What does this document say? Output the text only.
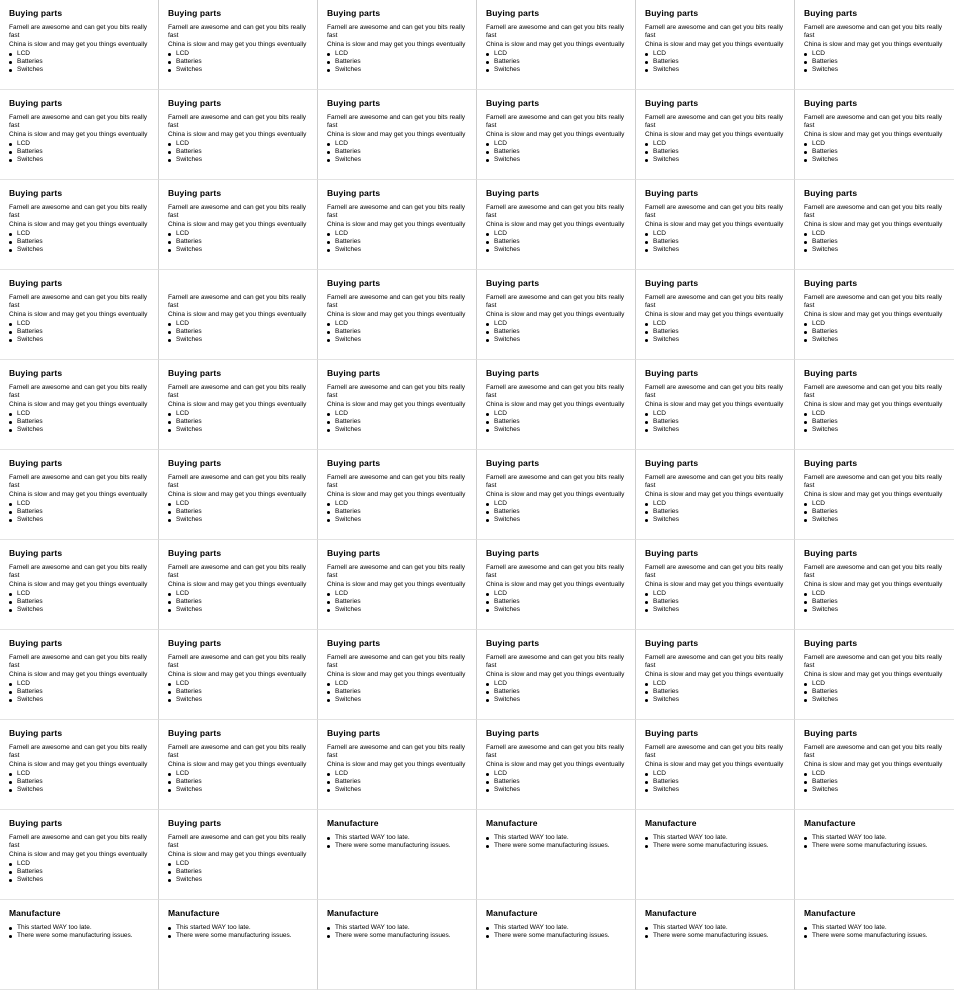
Buying parts
Farnell are awesome and can get you bits really fast
China is slow and may get you things eventually
LCD
Batteries
Switches
Buying parts
Farnell are awesome and can get you bits really fast
China is slow and may get you things eventually
LCD
Batteries
Switches
Buying parts
Farnell are awesome and can get you bits really fast
China is slow and may get you things eventually
LCD
Batteries
Switches
Buying parts
Farnell are awesome and can get you bits really fast
China is slow and may get you things eventually
LCD
Batteries
Switches
Buying parts
Farnell are awesome and can get you bits really fast
China is slow and may get you things eventually
LCD
Batteries
Switches
Buying parts
Farnell are awesome and can get you bits really fast
China is slow and may get you things eventually
LCD
Batteries
Switches
Buying parts
Farnell are awesome and can get you bits really fast
China is slow and may get you things eventually
LCD
Batteries
Switches
Buying parts
Farnell are awesome and can get you bits really fast
China is slow and may get you things eventually
LCD
Batteries
Switches
Buying parts
Farnell are awesome and can get you bits really fast
China is slow and may get you things eventually
LCD
Batteries
Switches
Buying parts
Farnell are awesome and can get you bits really fast
China is slow and may get you things eventually
LCD
Batteries
Switches
Buying parts
Farnell are awesome and can get you bits really fast
China is slow and may get you things eventually
LCD
Batteries
Switches
Buying parts
Farnell are awesome and can get you bits really fast
China is slow and may get you things eventually
LCD
Batteries
Switches
Buying parts
Farnell are awesome and can get you bits really fast
China is slow and may get you things eventually
LCD
Batteries
Switches
Buying parts
Farnell are awesome and can get you bits really fast
China is slow and may get you things eventually
LCD
Batteries
Switches
Buying parts
Farnell are awesome and can get you bits really fast
China is slow and may get you things eventually
LCD
Batteries
Switches
Buying parts
Farnell are awesome and can get you bits really fast
China is slow and may get you things eventually
LCD
Batteries
Switches
Buying parts
Farnell are awesome and can get you bits really fast
China is slow and may get you things eventually
LCD
Batteries
Switches
Buying parts
Farnell are awesome and can get you bits really fast
China is slow and may get you things eventually
LCD
Batteries
Switches
Buying parts
Farnell are awesome and can get you bits really fast
China is slow and may get you things eventually
LCD
Batteries
Switches
Farnell are awesome and can get you bits really fast
China is slow and may get you things eventually
LCD
Batteries
Switches
Buying parts
Farnell are awesome and can get you bits really fast
China is slow and may get you things eventually
LCD
Batteries
Switches
Buying parts
Farnell are awesome and can get you bits really fast
China is slow and may get you things eventually
LCD
Batteries
Switches
Buying parts
Farnell are awesome and can get you bits really fast
China is slow and may get you things eventually
LCD
Batteries
Switches
Buying parts
Farnell are awesome and can get you bits really fast
China is slow and may get you things eventually
LCD
Batteries
Switches
Buying parts
Farnell are awesome and can get you bits really fast
China is slow and may get you things eventually
LCD
Batteries
Switches
Buying parts
Farnell are awesome and can get you bits really fast
China is slow and may get you things eventually
LCD
Batteries
Switches
Buying parts
Farnell are awesome and can get you bits really fast
China is slow and may get you things eventually
LCD
Batteries
Switches
Buying parts
Farnell are awesome and can get you bits really fast
China is slow and may get you things eventually
LCD
Batteries
Switches
Buying parts
Farnell are awesome and can get you bits really fast
China is slow and may get you things eventually
LCD
Batteries
Switches
Buying parts
Farnell are awesome and can get you bits really fast
China is slow and may get you things eventually
LCD
Batteries
Switches
Buying parts
Farnell are awesome and can get you bits really fast
China is slow and may get you things eventually
LCD
Batteries
Switches
Buying parts
Farnell are awesome and can get you bits really fast
China is slow and may get you things eventually
LCD
Batteries
Switches
Buying parts
Farnell are awesome and can get you bits really fast
China is slow and may get you things eventually
LCD
Batteries
Switches
Buying parts
Farnell are awesome and can get you bits really fast
China is slow and may get you things eventually
LCD
Batteries
Switches
Buying parts
Farnell are awesome and can get you bits really fast
China is slow and may get you things eventually
LCD
Batteries
Switches
Buying parts
Farnell are awesome and can get you bits really fast
China is slow and may get you things eventually
LCD
Batteries
Switches
Buying parts
Farnell are awesome and can get you bits really fast
China is slow and may get you things eventually
LCD
Batteries
Switches
Buying parts
Farnell are awesome and can get you bits really fast
China is slow and may get you things eventually
LCD
Batteries
Switches
Buying parts
Farnell are awesome and can get you bits really fast
China is slow and may get you things eventually
LCD
Batteries
Switches
Buying parts
Farnell are awesome and can get you bits really fast
China is slow and may get you things eventually
LCD
Batteries
Switches
Buying parts
Farnell are awesome and can get you bits really fast
China is slow and may get you things eventually
LCD
Batteries
Switches
Buying parts
Farnell are awesome and can get you bits really fast
China is slow and may get you things eventually
LCD
Batteries
Switches
Buying parts
Farnell are awesome and can get you bits really fast
China is slow and may get you things eventually
LCD
Batteries
Switches
Buying parts
Farnell are awesome and can get you bits really fast
China is slow and may get you things eventually
LCD
Batteries
Switches
Buying parts
Farnell are awesome and can get you bits really fast
China is slow and may get you things eventually
LCD
Batteries
Switches
Buying parts
Farnell are awesome and can get you bits really fast
China is slow and may get you things eventually
LCD
Batteries
Switches
Buying parts
Farnell are awesome and can get you bits really fast
China is slow and may get you things eventually
LCD
Batteries
Switches
Buying parts
Farnell are awesome and can get you bits really fast
China is slow and may get you things eventually
LCD
Batteries
Switches
Buying parts
Farnell are awesome and can get you bits really fast
China is slow and may get you things eventually
LCD
Batteries
Switches
Buying parts
Farnell are awesome and can get you bits really fast
China is slow and may get you things eventually
LCD
Batteries
Switches
Buying parts
Farnell are awesome and can get you bits really fast
China is slow and may get you things eventually
LCD
Batteries
Switches
Buying parts
Farnell are awesome and can get you bits really fast
China is slow and may get you things eventually
LCD
Batteries
Switches
Buying parts
Farnell are awesome and can get you bits really fast
China is slow and may get you things eventually
LCD
Batteries
Switches
Buying parts
Farnell are awesome and can get you bits really fast
China is slow and may get you things eventually
LCD
Batteries
Switches
Buying parts
Farnell are awesome and can get you bits really fast
China is slow and may get you things eventually
LCD
Batteries
Switches
Buying parts
Farnell are awesome and can get you bits really fast
China is slow and may get you things eventually
LCD
Batteries
Switches
Manufacture
This started WAY too late.
There were some manufacturing issues.
Manufacture
This started WAY too late.
There were some manufacturing issues.
Manufacture
This started WAY too late.
There were some manufacturing issues.
Manufacture
This started WAY too late.
There were some manufacturing issues.
Manufacture
This started WAY too late.
There were some manufacturing issues.
Manufacture
This started WAY too late.
There were some manufacturing issues.
Manufacture
This started WAY too late.
There were some manufacturing issues.
Manufacture
This started WAY too late.
There were some manufacturing issues.
Manufacture
This started WAY too late.
There were some manufacturing issues.
Manufacture
This started WAY too late.
There were some manufacturing issues.
